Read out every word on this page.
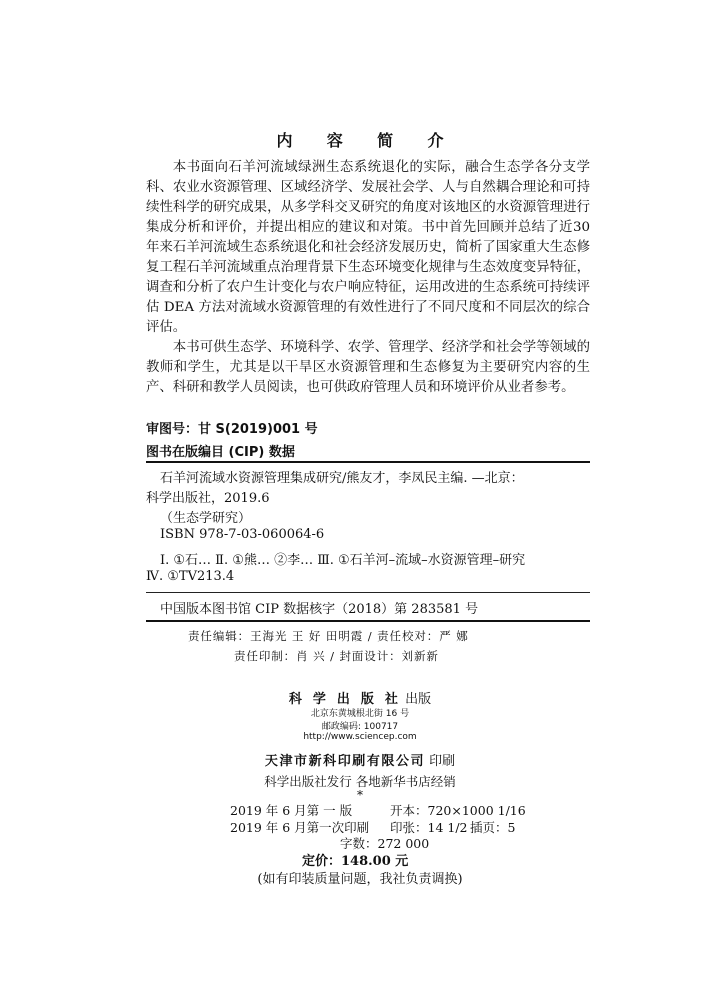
内 容 简 介

本书面向石羊河流域绿洲生态系统退化的实际，融合生态学各分支学科、农业水资源管理、区域经济学、发展社会学、人与自然耦合理论和可持续性科学的研究成果，从多学科交叉研究的角度对该地区的水资源管理进行集成分析和评价，并提出相应的建议和对策。书中首先回顾并总结了近30年来石羊河流域生态系统退化和社会经济发展历史，简析了国家重大生态修复工程石羊河流域重点治理背景下生态环境变化规律与生态效度变异特征，调查和分析了农户生计变化与农户响应特征，运用改进的生态系统可持续评估 DEA 方法对流域水资源管理的有效性进行了不同尺度和不同层次的综合评估。

本书可供生态学、环境科学、农学、管理学、经济学和社会学等领域的教师和学生，尤其是以干旱区水资源管理和生态修复为主要研究内容的生产、科研和教学人员阅读，也可供政府管理人员和环境评价从业者参考。

审图号：甘 S(2019)001 号
图书在版编目 (CIP) 数据
石羊河流域水资源管理集成研究/熊友才，李凤民主编. —北京：
科学出版社，2019.6
（生态学研究）
ISBN 978-7-03-060064-6
Ⅰ. ①石… Ⅱ. ①熊… ②李… Ⅲ. ①石羊河–流域–水资源管理–研究
Ⅳ. ①TV213.4
中国版本图书馆 CIP 数据核字（2018）第 283581 号
责任编辑：王海光 王 好 田明霞 / 责任校对：严 娜
责任印制：肖 兴 / 封面设计：刘新新
科 学 出 版 社 出版
北京东黄城根北街 16 号
邮政编码: 100717
http://www.sciencep.com
天津市新科印刷有限公司 印刷
科学出版社发行 各地新华书店经销
*
2019 年 6 月第 一 版	开本：720×1000 1/16
2019 年 6 月第一次印刷 印张：14 1/2 插页：5
字数：272 000
定价：148.00 元
(如有印装质量问题，我社负责调换)
